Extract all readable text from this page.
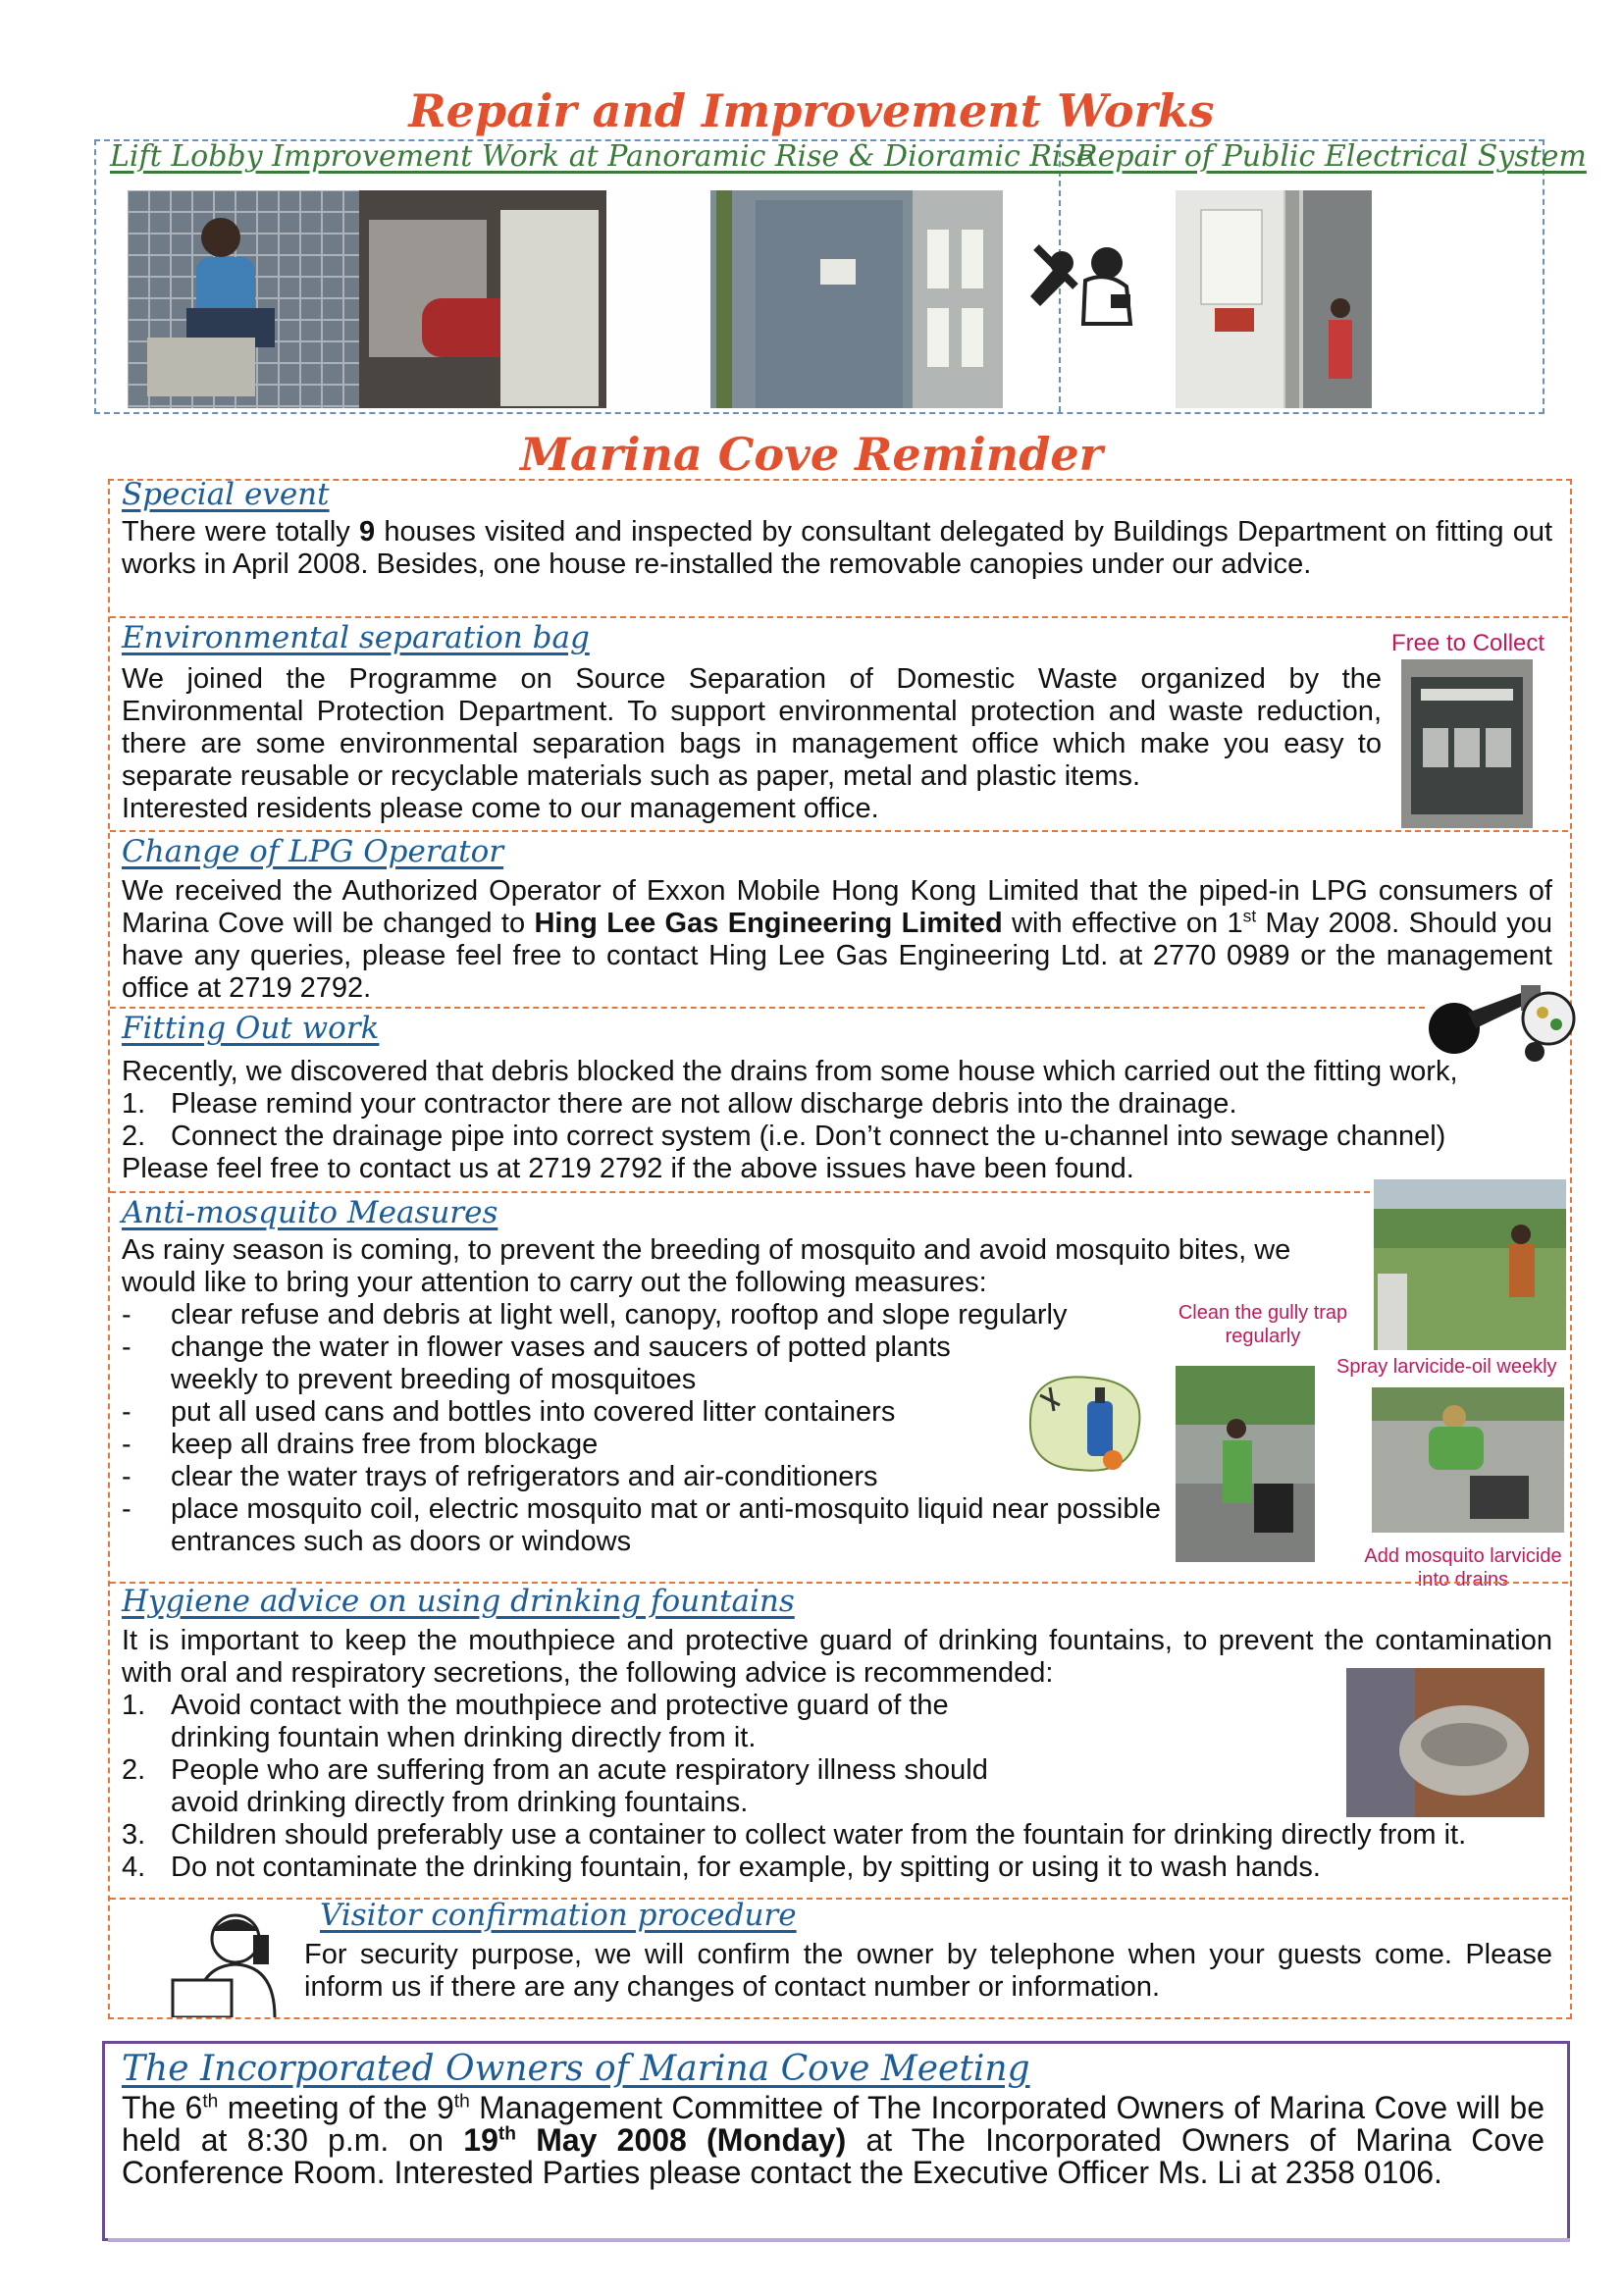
Repair and Improvement Works
Lift Lobby Improvement Work at Panoramic Rise & Dioramic Rise
Repair of Public Electrical System
Marina Cove Reminder
Special event
There were totally 9 houses visited and inspected by consultant delegated by Buildings Department on fitting out works in April 2008. Besides, one house re-installed the removable canopies under our advice.
Environmental separation bag	Free to Collect
We joined the Programme on Source Separation of Domestic Waste organized by the Environmental Protection Department. To support environmental protection and waste reduction, there are some environmental separation bags in management office which make you easy to separate reusable or recyclable materials such as paper, metal and plastic items.
Interested residents please come to our management office.
Change of LPG Operator
We received the Authorized Operator of Exxon Mobile Hong Kong Limited that the piped-in LPG consumers of Marina Cove will be changed to Hing Lee Gas Engineering Limited with effective on 1st May 2008. Should you have any queries, please feel free to contact Hing Lee Gas Engineering Ltd. at 2770 0989 or the management office at 2719 2792.
Fitting Out work
Recently, we discovered that debris blocked the drains from some house which carried out the fitting work,
1. Please remind your contractor there are not allow discharge debris into the drainage.
2. Connect the drainage pipe into correct system (i.e. Don’t connect the u-channel into sewage channel)
Please feel free to contact us at 2719 2792 if the above issues have been found.
Anti-mosquito Measures
As rainy season is coming, to prevent the breeding of mosquito and avoid mosquito bites, we would like to bring your attention to carry out the following measures:
- clear refuse and debris at light well, canopy, rooftop and slope regularly
- change the water in flower vases and saucers of potted plants weekly to prevent breeding of mosquitoes
- put all used cans and bottles into covered litter containers
- keep all drains free from blockage
- clear the water trays of refrigerators and air-conditioners
- place mosquito coil, electric mosquito mat or anti-mosquito liquid near possible entrances such as doors or windows
Clean the gully trap regularly
Spray larvicide-oil weekly
Add mosquito larvicide into drains
Hygiene advice on using drinking fountains
It is important to keep the mouthpiece and protective guard of drinking fountains, to prevent the contamination with oral and respiratory secretions, the following advice is recommended:
1. Avoid contact with the mouthpiece and protective guard of the drinking fountain when drinking directly from it.
2. People who are suffering from an acute respiratory illness should avoid drinking directly from drinking fountains.
3. Children should preferably use a container to collect water from the fountain for drinking directly from it.
4. Do not contaminate the drinking fountain, for example, by spitting or using it to wash hands.
Visitor confirmation procedure
For security purpose, we will confirm the owner by telephone when your guests come. Please inform us if there are any changes of contact number or information.
The Incorporated Owners of Marina Cove Meeting
The 6th meeting of the 9th Management Committee of The Incorporated Owners of Marina Cove will be held at 8:30 p.m. on 19th May 2008 (Monday) at The Incorporated Owners of Marina Cove Conference Room. Interested Parties please contact the Executive Officer Ms. Li at 2358 0106.
